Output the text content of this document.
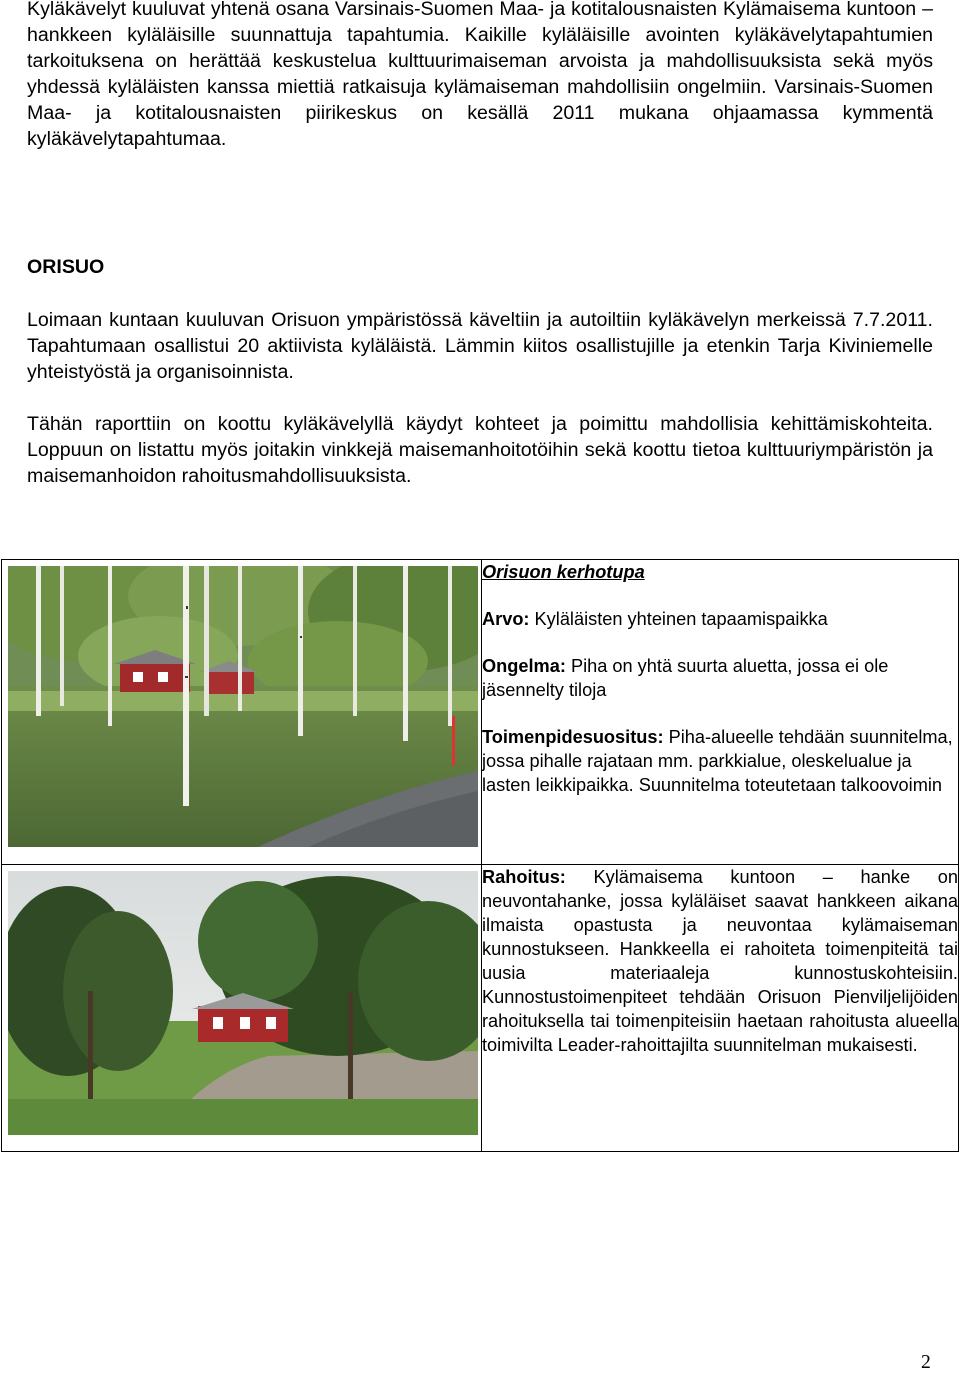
Kyläkävelyt kuuluvat yhtenä osana Varsinais-Suomen Maa- ja kotitalousnaisten Kylämaisema kuntoon – hankkeen kyläläisille suunnattuja tapahtumia. Kaikille kyläläisille avointen kyläkävelytapahtumien tarkoituksena on herättää keskustelua kulttuurimaiseman arvoista ja mahdollisuuksista sekä myös yhdessä kyläläisten kanssa miettiä ratkaisuja kylämaiseman mahdollisiin ongelmiin. Varsinais-Suomen Maa- ja kotitalousnaisten piirikeskus on kesällä 2011 mukana ohjaamassa kymmentä kyläkävelytapahtumaa.

ORISUO

Loimaan kuntaan kuuluvan Orisuon ympäristössä käveltiin ja autoiltiin kyläkävelyn merkeissä 7.7.2011. Tapahtumaan osallistui 20 aktiivista kyläläistä. Lämmin kiitos osallistujille ja etenkin Tarja Kiviniemelle yhteistyöstä ja organisoinnista.

Tähän raporttiin on koottu kyläkävelyllä käydyt kohteet ja poimittu mahdollisia kehittämiskohteita. Loppuun on listattu myös joitakin vinkkejä maisemanhoitotöihin sekä koottu tietoa kulttuuriympäristön ja maisemanhoidon rahoitusmahdollisuuksista.

Orisuon kerhotupa

Arvo: Kyläläisten yhteinen tapaamispaikka

Ongelma: Piha on yhtä suurta aluetta, jossa ei ole jäsennelty tiloja

Toimenpidesuositus: Piha-alueelle tehdään suunnitelma, jossa pihalle rajataan mm. parkkialue, oleskelualue ja lasten leikkipaikka. Suunnitelma toteutetaan talkoovoimin

Rahoitus: Kylämaisema kuntoon – hanke on neuvontahanke, jossa kyläläiset saavat hankkeen aikana ilmaista opastusta ja neuvontaa kylämaiseman kunnostukseen. Hankkeella ei rahoiteta toimenpiteitä tai uusia materiaaleja kunnostuskohteisiin. Kunnostustoimenpiteet tehdään Orisuon Pienviljelijöiden rahoituksella tai toimenpiteisiin haetaan rahoitusta alueella toimivilta Leader-rahoittajilta suunnitelman mukaisesti.

2
